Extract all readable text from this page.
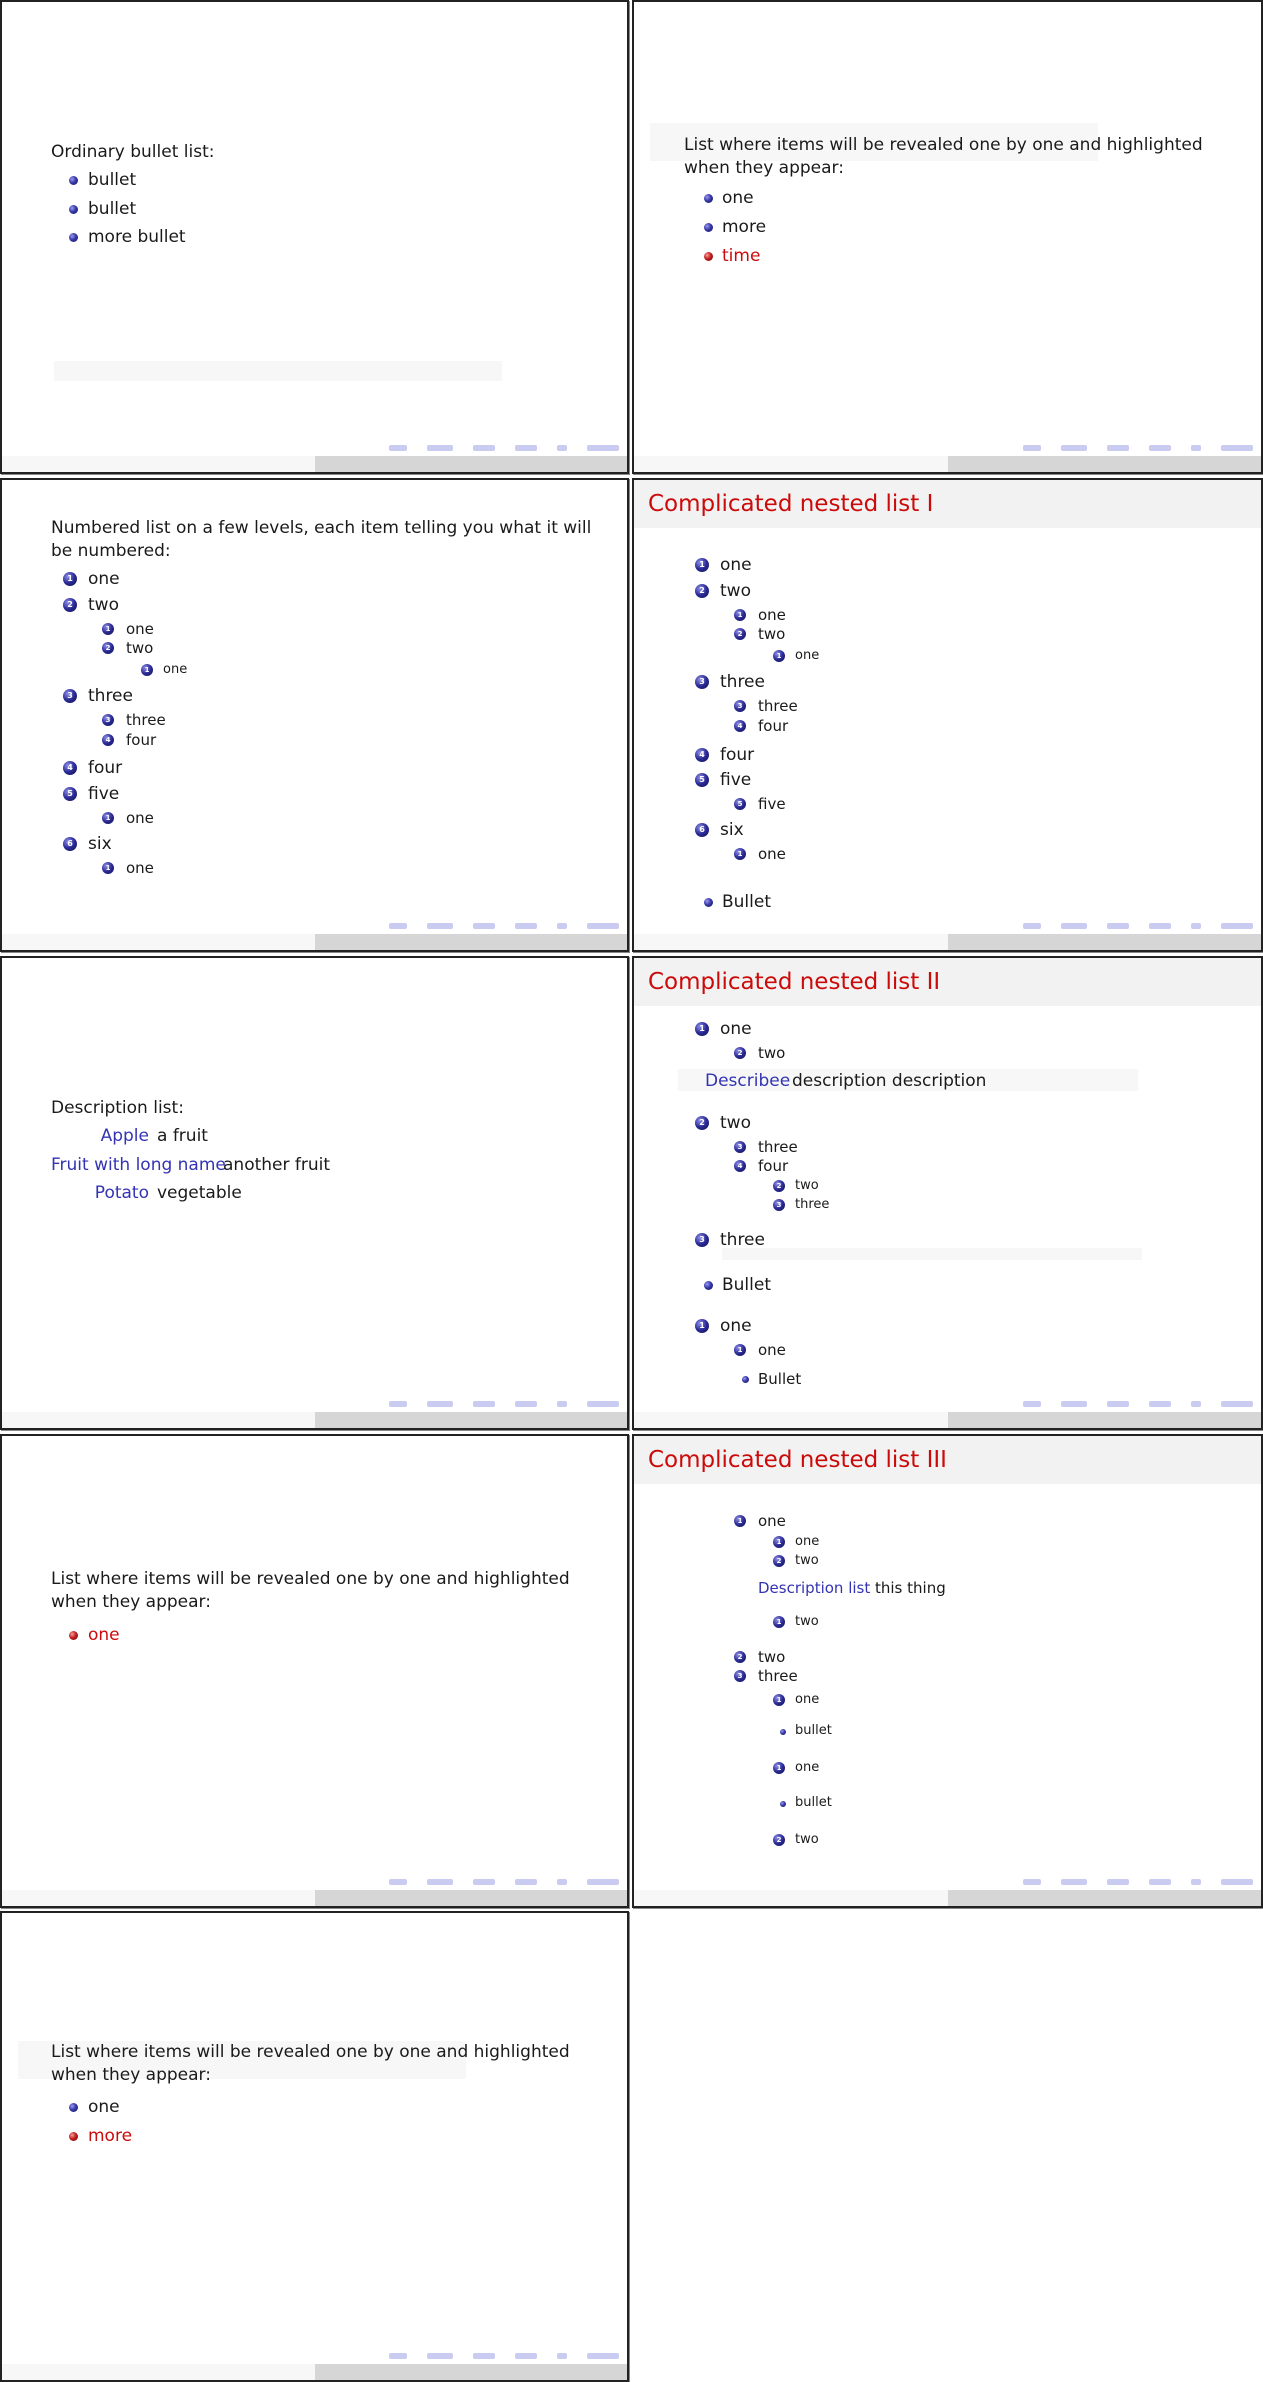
Ordinary bullet list:
bullet
bullet
more bullet
List where items will be revealed one by one and highlighted when they appear:
one
more
time
Numbered list on a few levels, each item telling you what it will be numbered:
1 one
2 two
1 one
2 two
1 one
3 three
3 three
4 four
4 four
5 five
1 one
6 six
1 one
Complicated nested list I
1 one
2 two
1 one
2 two
1 one
3 three
3 three
4 four
4 four
5 five
5 five
6 six
1 one
Bullet
Description list:
Apple a fruit
Fruit with long name
another fruit
Potato vegetable
Complicated nested list II
1 one
2 two
Describee description description
2 two
3 three
4 four
2 two
3 three
3 three
Bullet
1 one
1 one
Bullet
List where items will be revealed one by one and highlighted when they appear:
one
Complicated nested list III
1 one
1 one
2 two
Description list this thing
1 two
2 two
3 three
1 one
bullet
1 one
bullet
2 two
List where items will be revealed one by one and highlighted when they appear:
one
more
